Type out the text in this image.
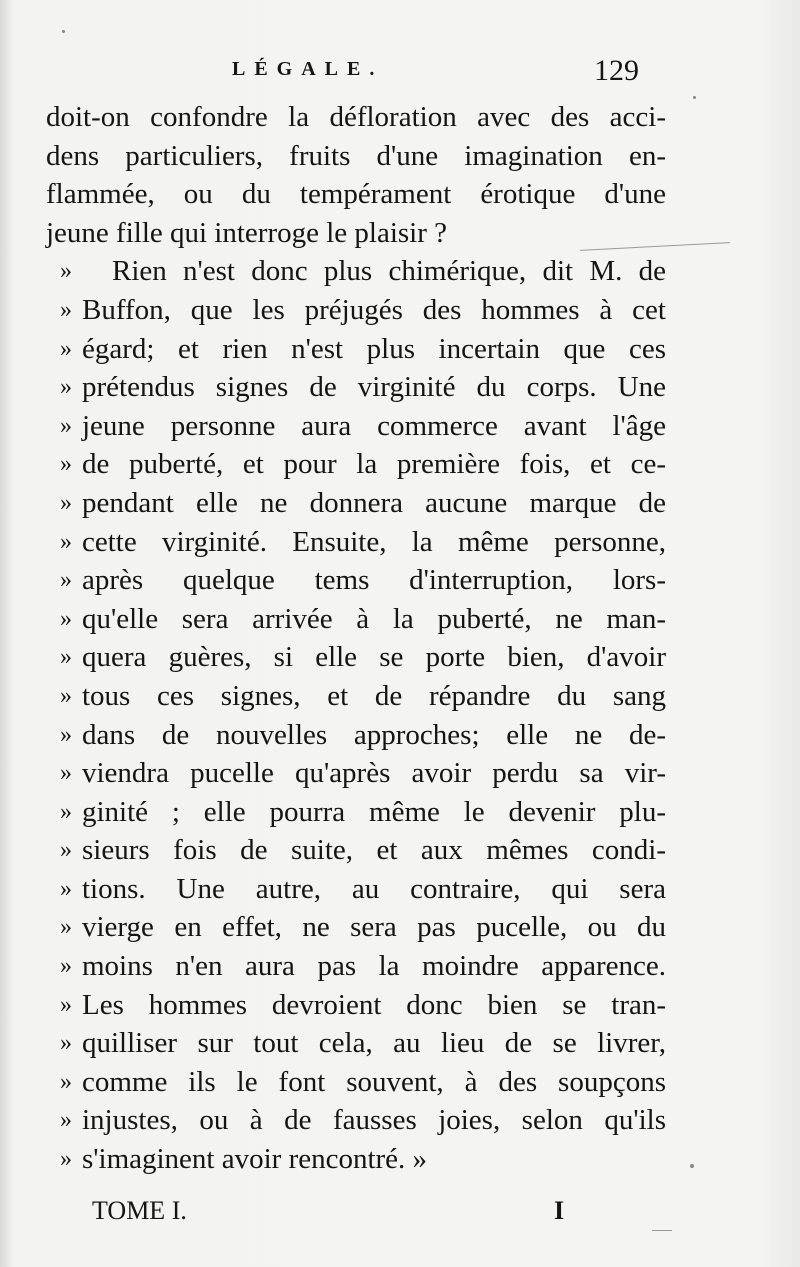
LÉGALE.	129
doit-on confondre la défloration avec des acci-
dens particuliers, fruits d'une imagination en-
flammée, ou du tempérament érotique d'une
jeune fille qui interroge le plaisir ?
»	Rien n'est donc plus chimérique, dit M. de
» Buffon, que les préjugés des hommes à cet
» égard; et rien n'est plus incertain que ces
» prétendus signes de virginité du corps. Une
» jeune personne aura commerce avant l'âge
» de puberté, et pour la première fois, et ce-
» pendant elle ne donnera aucune marque de
» cette virginité. Ensuite, la même personne,
» après quelque tems d'interruption, lors-
» qu'elle sera arrivée à la puberté, ne man-
» quera guères, si elle se porte bien, d'avoir
» tous ces signes, et de répandre du sang
» dans de nouvelles approches; elle ne de-
» viendra pucelle qu'après avoir perdu sa vir-
» ginité ; elle pourra même le devenir plu-
» sieurs fois de suite, et aux mêmes condi-
» tions. Une autre, au contraire, qui sera
» vierge en effet, ne sera pas pucelle, ou du
» moins n'en aura pas la moindre apparence.
» Les hommes devroient donc bien se tran-
» quilliser sur tout cela, au lieu de se livrer,
» comme ils le font souvent, à des soupçons
» injustes, ou à de fausses joies, selon qu'ils
» s'imaginent avoir rencontré. »
TOME I.	I
